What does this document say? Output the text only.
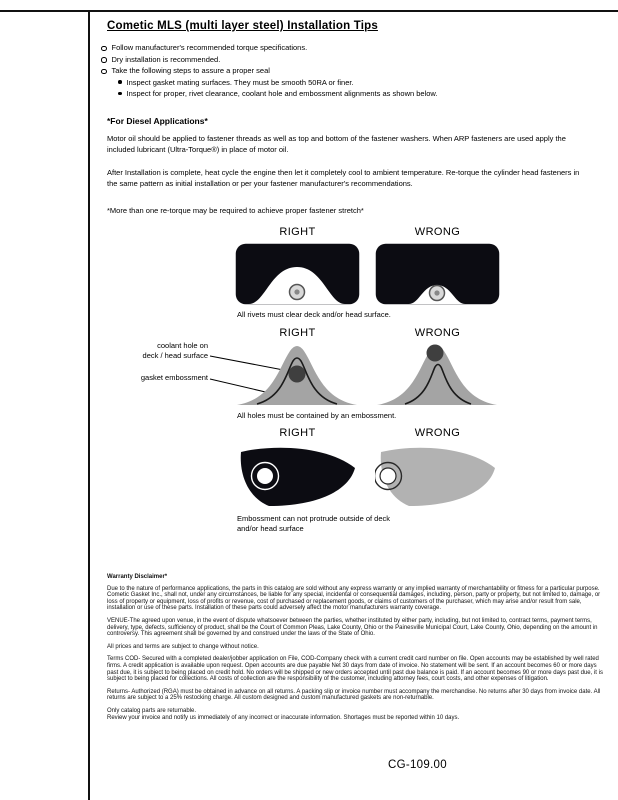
Cometic MLS (multi layer steel) Installation Tips
Follow manufacturer's recommended torque specifications.
Dry installation is recommended.
Take the following steps to assure a proper seal
Inspect gasket mating surfaces. They must be smooth 50RA or finer.
Inspect for proper, rivet clearance, coolant hole and embossment alignments as shown below.
*For Diesel Applications*
Motor oil should be applied to fastener threads as well as top and bottom of the fastener washers. When ARP fasteners are used apply the included lubricant (Ultra-Torque®) in place of motor oil.
After Installation is complete, heat cycle the engine then let it completely cool to ambient temperature. Re-torque the cylinder head fasteners in the same pattern as initial installation or per your fastener manufacturer's recommendations.
*More than one re-torque may be required to achieve proper fastener stretch*
RIGHT	WRONG
All rivets must clear deck and/or head surface.
RIGHT	WRONG
coolant hole on
deck / head surface
gasket embossment
All holes must be contained by an embossment.
RIGHT	WRONG
Embossment can not protrude outside of deck
and/or head surface

Warranty Disclaimer*

Due to the nature of performance applications, the parts in this catalog are sold without any express warranty or any implied warranty of merchantability or fitness for a particular purpose. Cometic Gasket Inc., shall not, under any circumstances, be liable for any special, incidental or consequential damages, including, person, party or property, but not limited to, damage, or loss of property or equipment, loss of profits or revenue, cost of purchased or replacement goods, or claims of customers of the purchaser, which may arise and/or result from sale, installation or use of these parts. Installation of these parts could adversely affect the motor manufacturers warranty coverage.

VENUE-The agreed upon venue, in the event of dispute whatsoever between the parties, whether instituted by either party, including, but not limited to, contract terms, payment terms, delivery, type, defects, sufficiency of product, shall be the Court of Common Pleas, Lake County, Ohio or the Painesville Municipal Court, Lake County, Ohio, depending on the amount in controversy. This agreement shall be governed by and construed under the laws of the State of Ohio.

All prices and terms are subject to change without notice.

Terms COD- Secured with a completed dealer/jobber application on File, COD-Company check with a current credit card number on file. Open accounts may be established by well rated firms. A credit application is available upon request. Open accounts are due payable Net 30 days from date of invoice. No statement will be sent. If an account becomes 60 or more days past due, it is subject to being placed on credit hold. No orders will be shipped or new orders accepted until past due balance is paid. If an account becomes 90 or more days past due, it is subject to being placed for collections. All costs of collection are the responsibility of the customer, including attorney fees, court costs, and other expenses of litigation.

Returns- Authorized (RGA) must be obtained in advance on all returns. A packing slip or invoice number must accompany the merchandise. No returns after 30 days from invoice date. All returns are subject to a 25% restocking charge. All custom designed and custom manufactured gaskets are non-returnable.

Only catalog parts are returnable.

Review your invoice and notify us immediately of any incorrect or inaccurate information. Shortages must be reported within 10 days.

CG-109.00
